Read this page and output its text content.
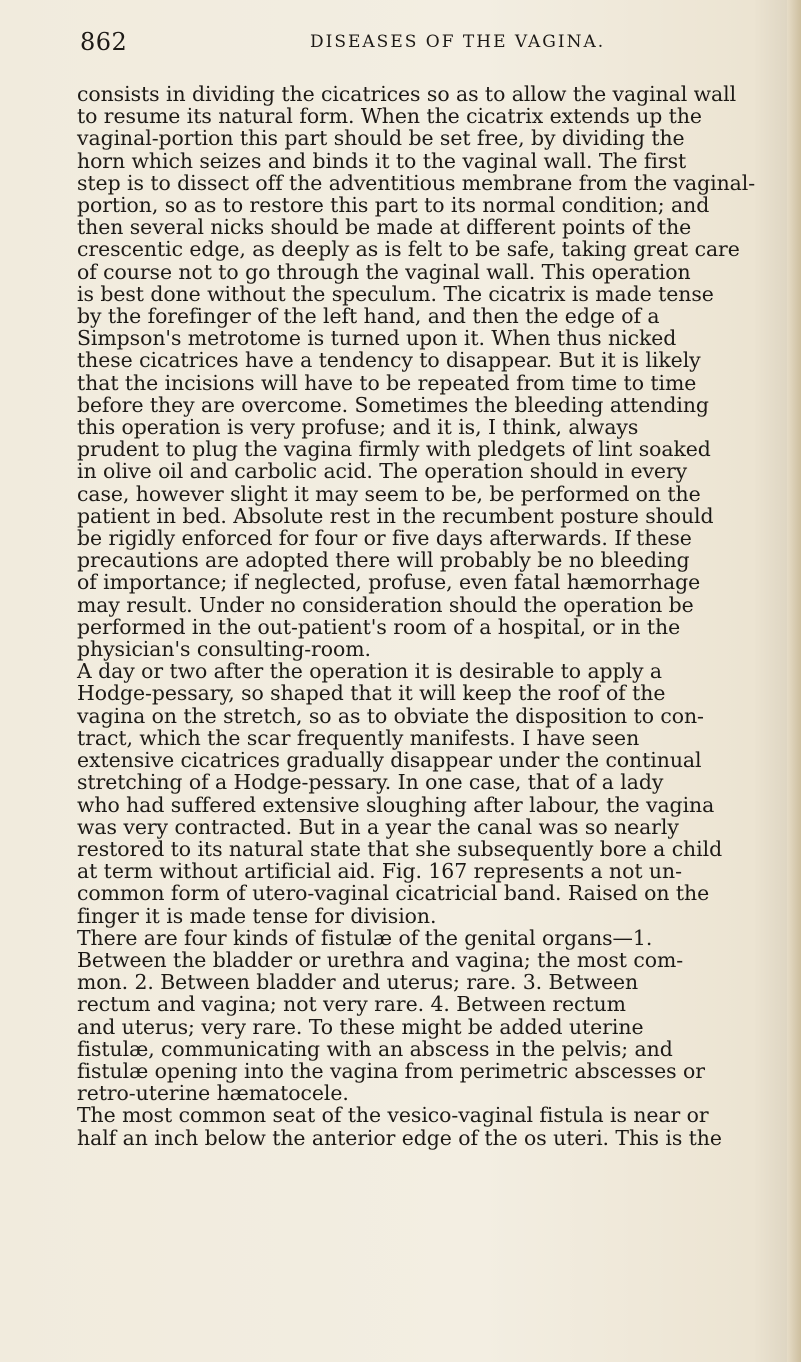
862	DISEASES OF THE VAGINA.
consists in dividing the cicatrices so as to allow the vaginal wall
to resume its natural form. When the cicatrix extends up the
vaginal-portion this part should be set free, by dividing the
horn which seizes and binds it to the vaginal wall. The first
step is to dissect off the adventitious membrane from the vaginal-
portion, so as to restore this part to its normal condition; and
then several nicks should be made at different points of the
crescentic edge, as deeply as is felt to be safe, taking great care
of course not to go through the vaginal wall. This operation
is best done without the speculum. The cicatrix is made tense
by the forefinger of the left hand, and then the edge of a
Simpson's metrotome is turned upon it. When thus nicked
these cicatrices have a tendency to disappear. But it is likely
that the incisions will have to be repeated from time to time
before they are overcome. Sometimes the bleeding attending
this operation is very profuse; and it is, I think, always
prudent to plug the vagina firmly with pledgets of lint soaked
in olive oil and carbolic acid. The operation should in every
case, however slight it may seem to be, be performed on the
patient in bed. Absolute rest in the recumbent posture should
be rigidly enforced for four or five days afterwards. If these
precautions are adopted there will probably be no bleeding
of importance; if neglected, profuse, even fatal hæmorrhage
may result. Under no consideration should the operation be
performed in the out-patient's room of a hospital, or in the
physician's consulting-room.
A day or two after the operation it is desirable to apply a
Hodge-pessary, so shaped that it will keep the roof of the
vagina on the stretch, so as to obviate the disposition to con-
tract, which the scar frequently manifests. I have seen
extensive cicatrices gradually disappear under the continual
stretching of a Hodge-pessary. In one case, that of a lady
who had suffered extensive sloughing after labour, the vagina
was very contracted. But in a year the canal was so nearly
restored to its natural state that she subsequently bore a child
at term without artificial aid. Fig. 167 represents a not un-
common form of utero-vaginal cicatricial band. Raised on the
finger it is made tense for division.
There are four kinds of fistulæ of the genital organs—1.
Between the bladder or urethra and vagina; the most com-
mon. 2. Between bladder and uterus; rare. 3. Between
rectum and vagina; not very rare. 4. Between rectum
and uterus; very rare. To these might be added uterine
fistulæ, communicating with an abscess in the pelvis; and
fistulæ opening into the vagina from perimetric abscesses or
retro-uterine hæmatocele.
The most common seat of the vesico-vaginal fistula is near or
half an inch below the anterior edge of the os uteri. This is the
